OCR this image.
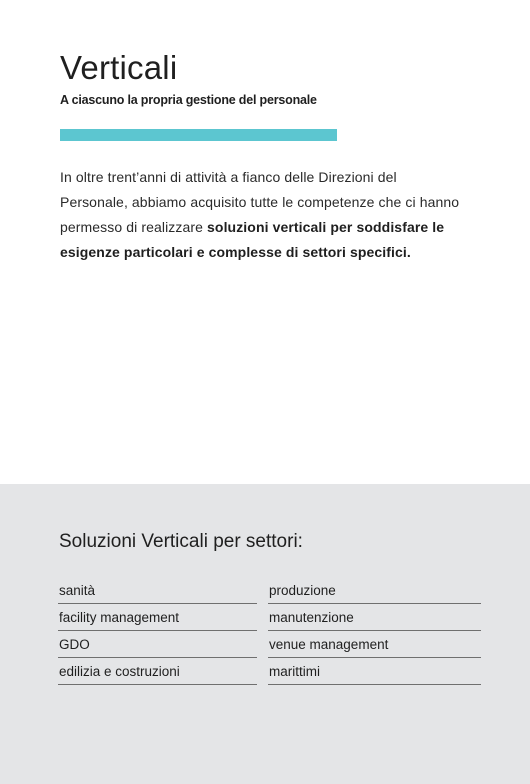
Verticali
A ciascuno la propria gestione del personale

In oltre trent’anni di attività a fianco delle Direzioni del Personale, abbiamo acquisito tutte le competenze che ci hanno permesso di realizzare soluzioni verticali per soddisfare le esigenze particolari e complesse di settori specifici.

Soluzioni Verticali per settori:
sanità
facility management
GDO
edilizia e costruzioni
produzione
manutenzione
venue management
marittimi
